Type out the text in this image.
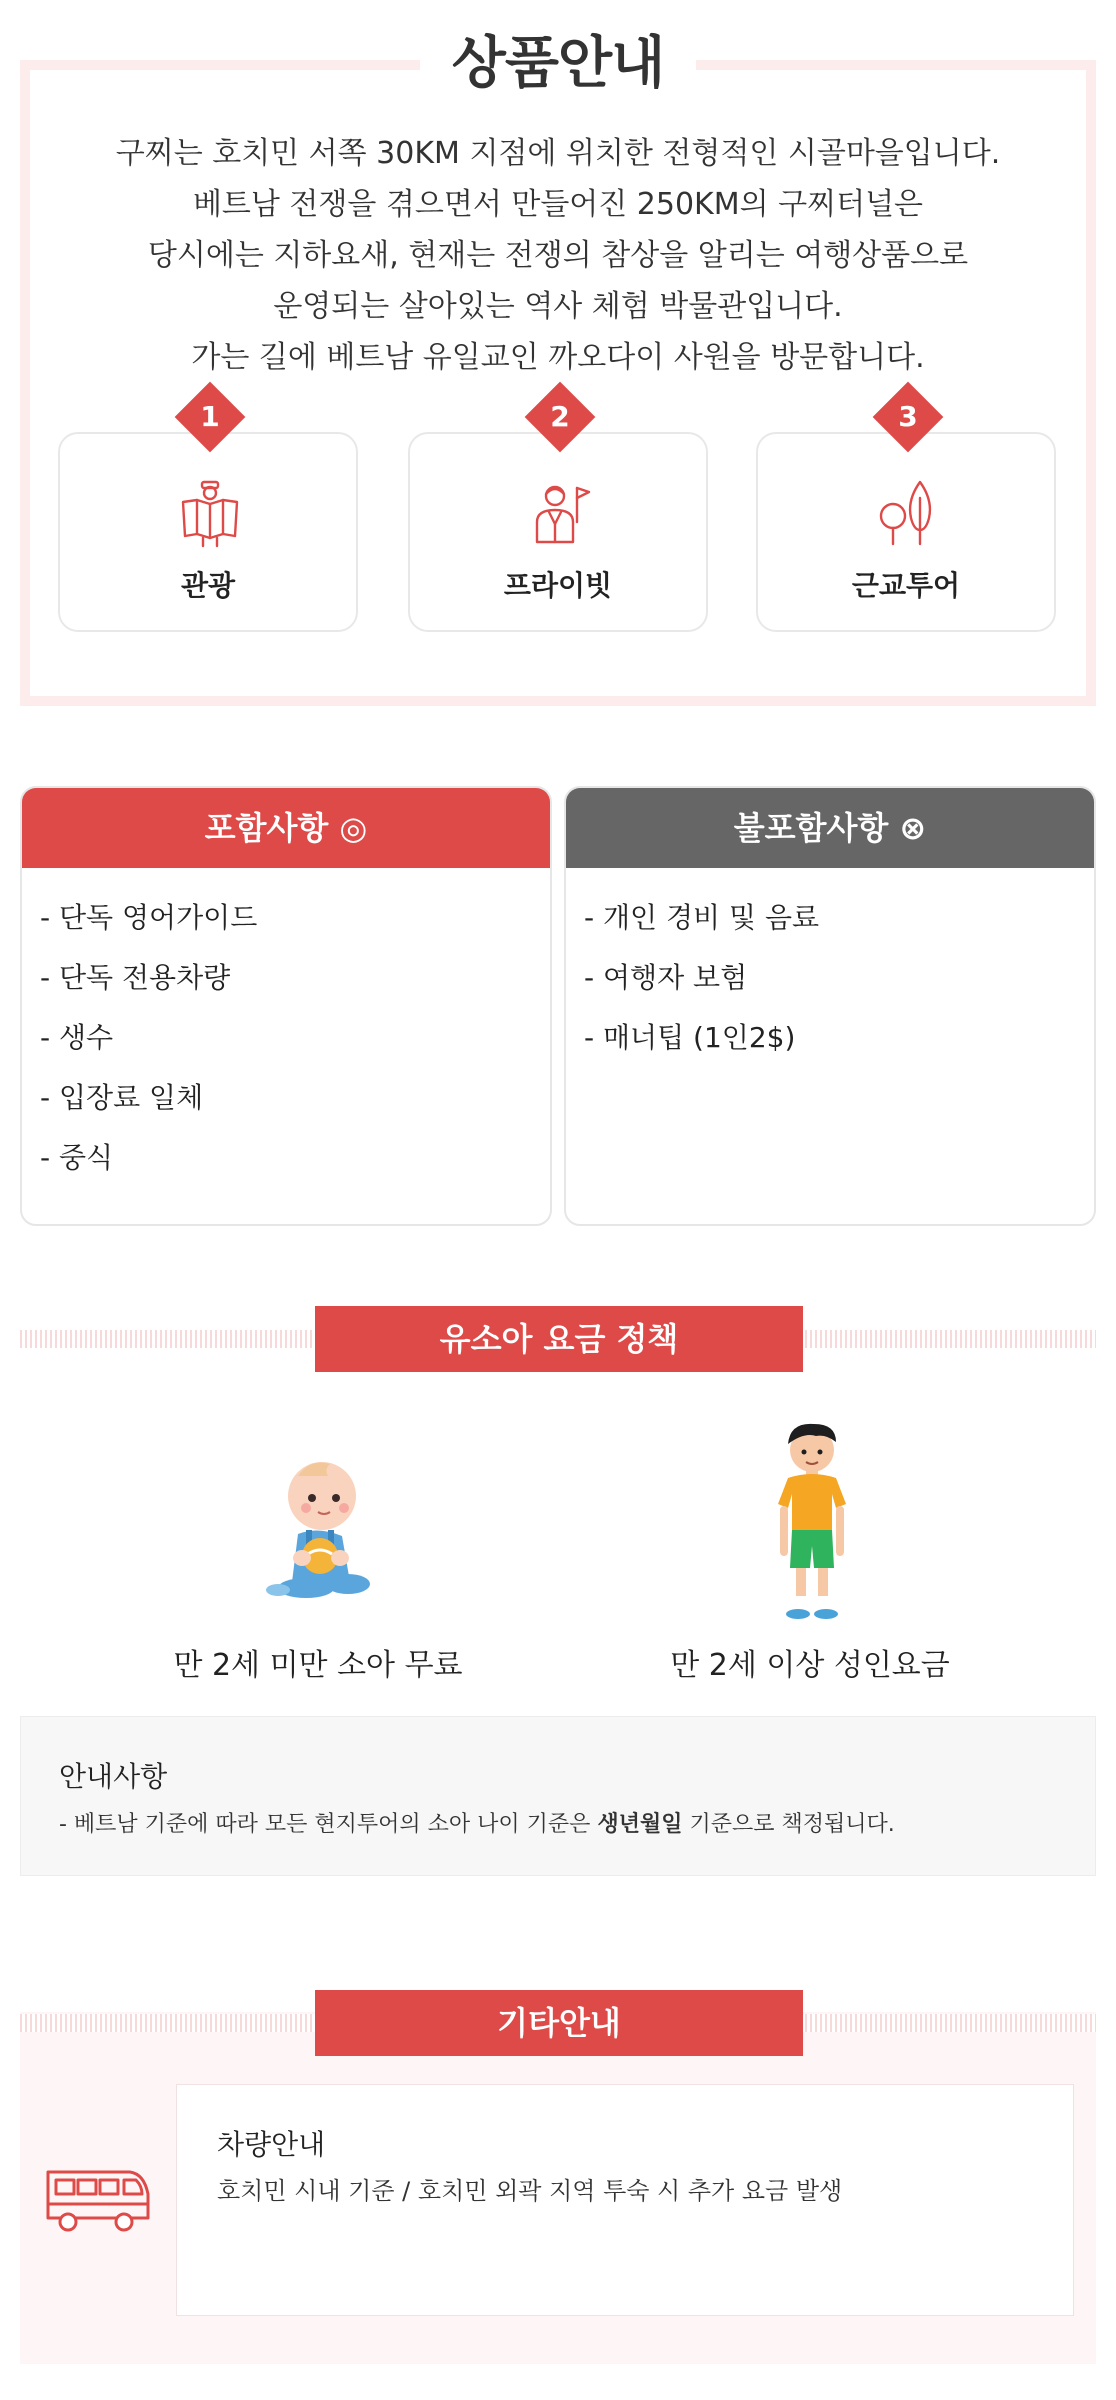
상품안내

구찌는 호치민 서쪽 30KM 지점에 위치한 전형적인 시골마을입니다.

베트남 전쟁을 겪으면서 만들어진 250KM의 구찌터널은

당시에는 지하요새, 현재는 전쟁의 참상을 알리는 여행상품으로

운영되는 살아있는 역사 체험 박물관입니다.

가는 길에 베트남 유일교인 까오다이 사원을 방문합니다.

1
관광
2
프라이빗
3
근교투어
포함사항 ◎
- 단독 영어가이드
- 단독 전용차량
- 생수
- 입장료 일체
- 중식
불포함사항 ⊗
- 개인 경비 및 음료
- 여행자 보험
- 매너팁 (1인2$)
유소아 요금 정책
만 2세 미만 소아 무료	만 2세 이상 성인요금
안내사항
- 베트남 기준에 따라 모든 현지투어의 소아 나이 기준은 생년월일 기준으로 책정됩니다.
기타안내
차량안내
호치민 시내 기준 / 호치민 외곽 지역 투숙 시 추가 요금 발생
